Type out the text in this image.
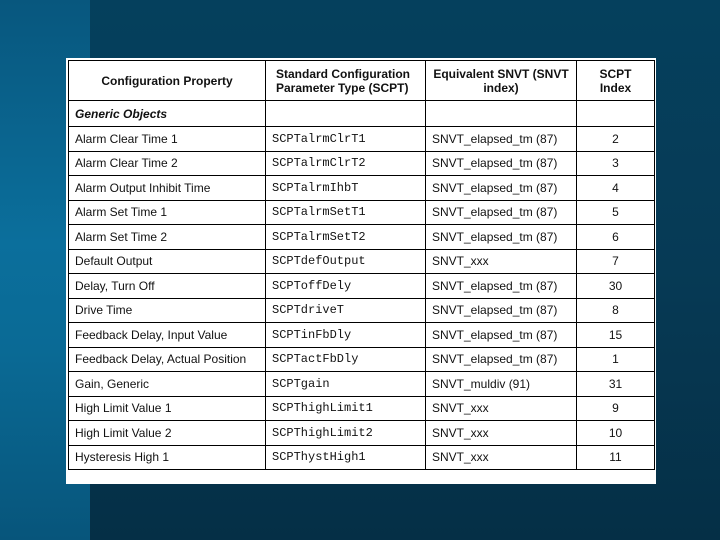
Configuration Property	Standard Configuration Parameter Type (SCPT)	Equivalent SNVT (SNVT index)	SCPT Index
Generic Objects			
Alarm Clear Time 1	SCPTalrmClrT1	SNVT_elapsed_tm (87)	2
Alarm Clear Time 2	SCPTalrmClrT2	SNVT_elapsed_tm (87)	3
Alarm Output Inhibit Time	SCPTalrmIhbT	SNVT_elapsed_tm (87)	4
Alarm Set Time 1	SCPTalrmSetT1	SNVT_elapsed_tm (87)	5
Alarm Set Time 2	SCPTalrmSetT2	SNVT_elapsed_tm (87)	6
Default Output	SCPTdefOutput	SNVT_xxx	7
Delay, Turn Off	SCPToffDely	SNVT_elapsed_tm (87)	30
Drive Time	SCPTdriveT	SNVT_elapsed_tm (87)	8
Feedback Delay, Input Value	SCPTinFbDly	SNVT_elapsed_tm (87)	15
Feedback Delay, Actual Position	SCPTactFbDly	SNVT_elapsed_tm (87)	1
Gain, Generic	SCPTgain	SNVT_muldiv (91)	31
High Limit Value 1	SCPThighLimit1	SNVT_xxx	9
High Limit Value 2	SCPThighLimit2	SNVT_xxx	10
Hysteresis High 1	SCPThystHigh1	SNVT_xxx	11
